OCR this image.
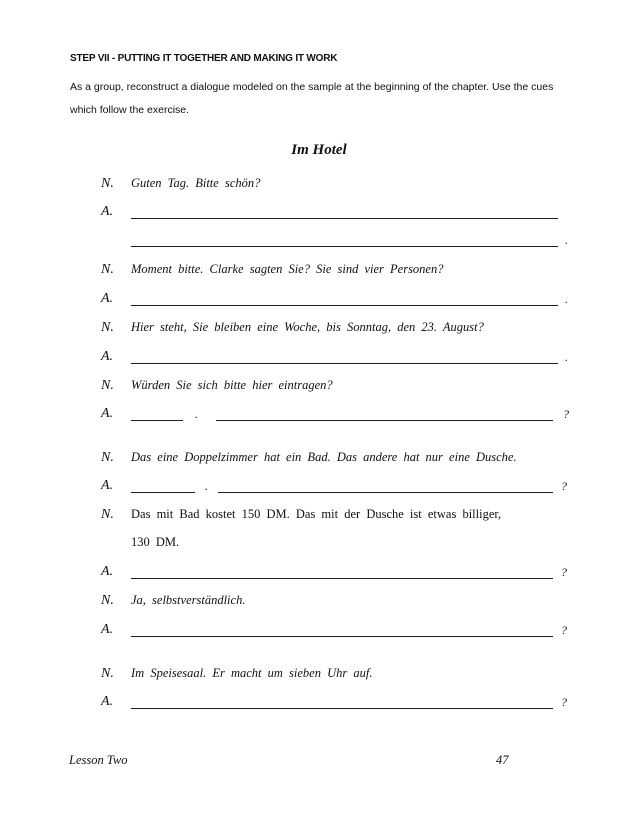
STEP VII - PUTTING IT TOGETHER AND MAKING IT WORK
As a group, reconstruct a dialogue modeled on the sample at the beginning of the chapter. Use the cues which follow the exercise.
Im Hotel
N. Guten Tag. Bitte schön?
A.
.
N. Moment bitte. Clarke sagten Sie? Sie sind vier Personen?
A.	.
N. Hier steht, Sie bleiben eine Woche, bis Sonntag, den 23. August?
A.	.
N. Würden Sie sich bitte hier eintragen?
A.	.	?
N. Das eine Doppelzimmer hat ein Bad. Das andere hat nur eine Dusche.
A.	.	?
N. Das mit Bad kostet 150 DM. Das mit der Dusche ist etwas billiger,
130 DM.
A.	?
N. Ja, selbstverständlich.
A.	?
N. Im Speisesaal. Er macht um sieben Uhr auf.
A.	?
Lesson Two	47
